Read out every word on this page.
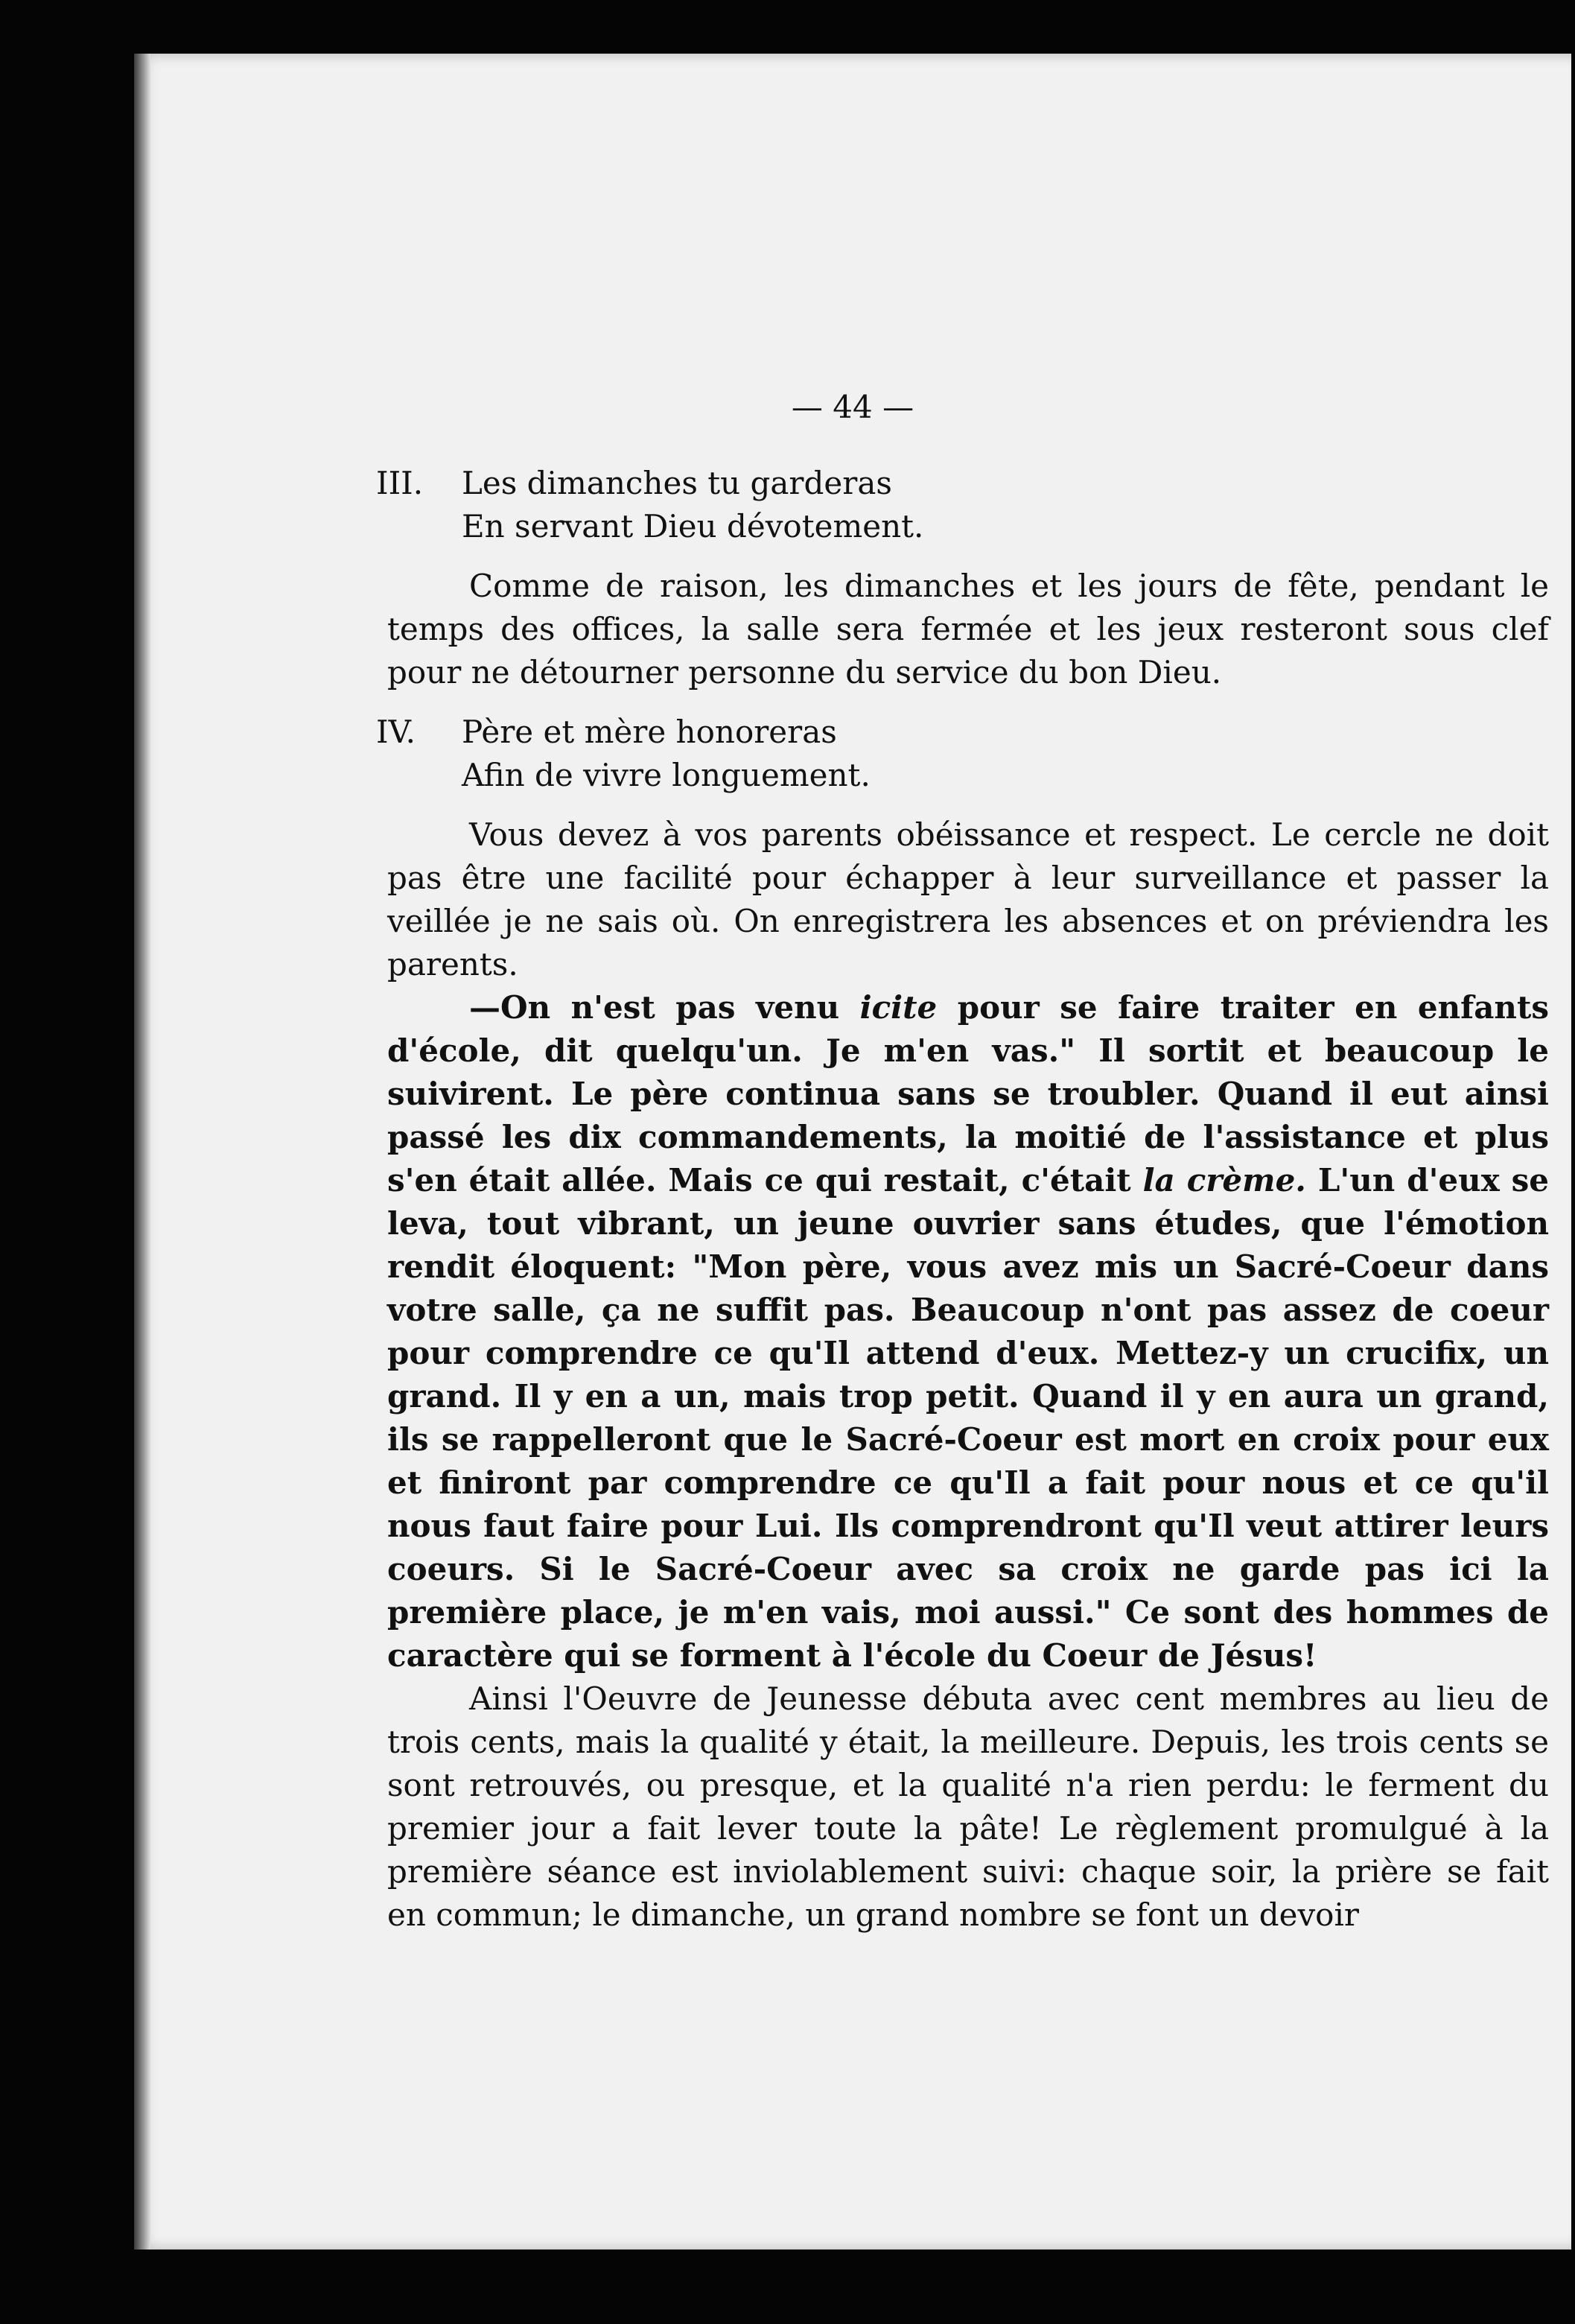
— 44 —
III. Les dimanches tu garderas
En servant Dieu dévotement.

Comme de raison, les dimanches et les jours de fête, pendant le temps des offices, la salle sera fermée et les jeux resteront sous clef pour ne détourner personne du service du bon Dieu.

IV. Père et mère honoreras
Afin de vivre longuement.

Vous devez à vos parents obéissance et respect. Le cercle ne doit pas être une facilité pour échapper à leur surveillance et passer la veillée je ne sais où. On enregistrera les absences et on préviendra les parents.

—On n'est pas venu icite pour se faire traiter en enfants d'école, dit quelqu'un. Je m'en vas." Il sortit et beaucoup le suivirent. Le père continua sans se troubler. Quand il eut ainsi passé les dix commandements, la moitié de l'assistance et plus s'en était allée. Mais ce qui restait, c'était la crème. L'un d'eux se leva, tout vibrant, un jeune ouvrier sans études, que l'émotion rendit éloquent: "Mon père, vous avez mis un Sacré-Coeur dans votre salle, ça ne suffit pas. Beaucoup n'ont pas assez de coeur pour comprendre ce qu'Il attend d'eux. Mettez-y un crucifix, un grand. Il y en a un, mais trop petit. Quand il y en aura un grand, ils se rappelleront que le Sacré-Coeur est mort en croix pour eux et finiront par comprendre ce qu'Il a fait pour nous et ce qu'il nous faut faire pour Lui. Ils comprendront qu'Il veut attirer leurs coeurs. Si le Sacré-Coeur avec sa croix ne garde pas ici la première place, je m'en vais, moi aussi." Ce sont des hommes de caractère qui se forment à l'école du Coeur de Jésus!

Ainsi l'Oeuvre de Jeunesse débuta avec cent membres au lieu de trois cents, mais la qualité y était, la meilleure. Depuis, les trois cents se sont retrouvés, ou presque, et la qualité n'a rien perdu: le ferment du premier jour a fait lever toute la pâte! Le règlement promulgué à la première séance est inviolablement suivi: chaque soir, la prière se fait en commun; le dimanche, un grand nombre se font un devoir
